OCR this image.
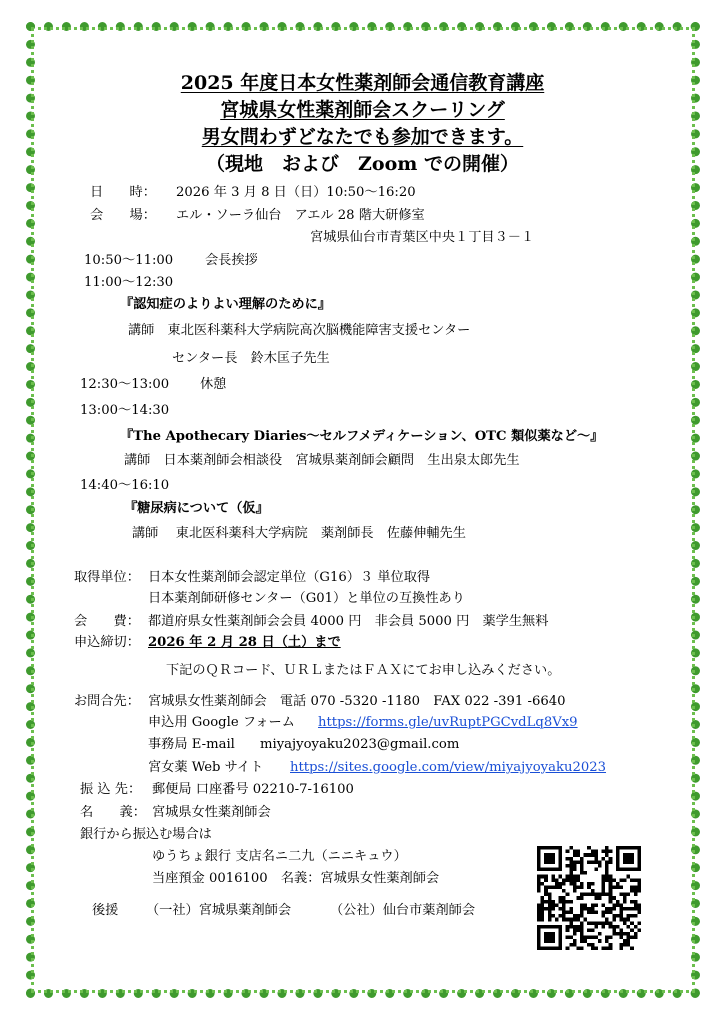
2025 年度日本女性薬剤師会通信教育講座
宮城県女性薬剤師会スクーリング
男女問わずどなたでも参加できます。
（現地　および　Zoom での開催）
日　　時： 2026 年 3 月 8 日（日）10:50～16:20
会　　場： エル・ソーラ仙台　アエル 28 階大研修室
宮城県仙台市青葉区中央１丁目３－１
10:50～11:00 会長挨拶
11:00～12:30
『認知症のよりよい理解のために』
講師　東北医科薬科大学病院高次脳機能障害支援センター
センター長　鈴木匡子先生
12:30～13:00 休憩
13:00～14:30
『The Apothecary Diaries～セルフメディケーション、OTC 類似薬など～』
講師　日本薬剤師会相談役　宮城県薬剤師会顧問　生出泉太郎先生
14:40～16:10
『糖尿病について（仮』
講師　 東北医科薬科大学病院　薬剤師長　佐藤伸輔先生
取得単位： 日本女性薬剤師会認定単位（G16）３ 単位取得
日本薬剤師研修センター（G01）と単位の互換性あり
会　　費： 都道府県女性薬剤師会会員 4000 円　非会員 5000 円　薬学生無料
申込締切： 2026 年 2 月 28 日（土）まで
下記のＱＲコード、ＵＲＬまたはＦＡＸにてお申し込みください。
お問合先： 宮城県女性薬剤師会　電話 070 -5320 -1180　FAX 022 -391 -6640
申込用 Google フォーム https://forms.gle/uvRuptPGCvdLq8Vx9
事務局 E-mail miyajyoyaku2023@gmail.com
宮女薬 Web サイト https://sites.google.com/view/miyajyoyaku2023
振 込 先： 郵便局 口座番号 02210-7-16100
名　　義： 宮城県女性薬剤師会
銀行から振込む場合は
ゆうちょ銀行 支店名ニ二九（ニニキュウ）
当座預金 0016100　名義：宮城県女性薬剤師会
後援 （一社）宮城県薬剤師会	（公社）仙台市薬剤師会
